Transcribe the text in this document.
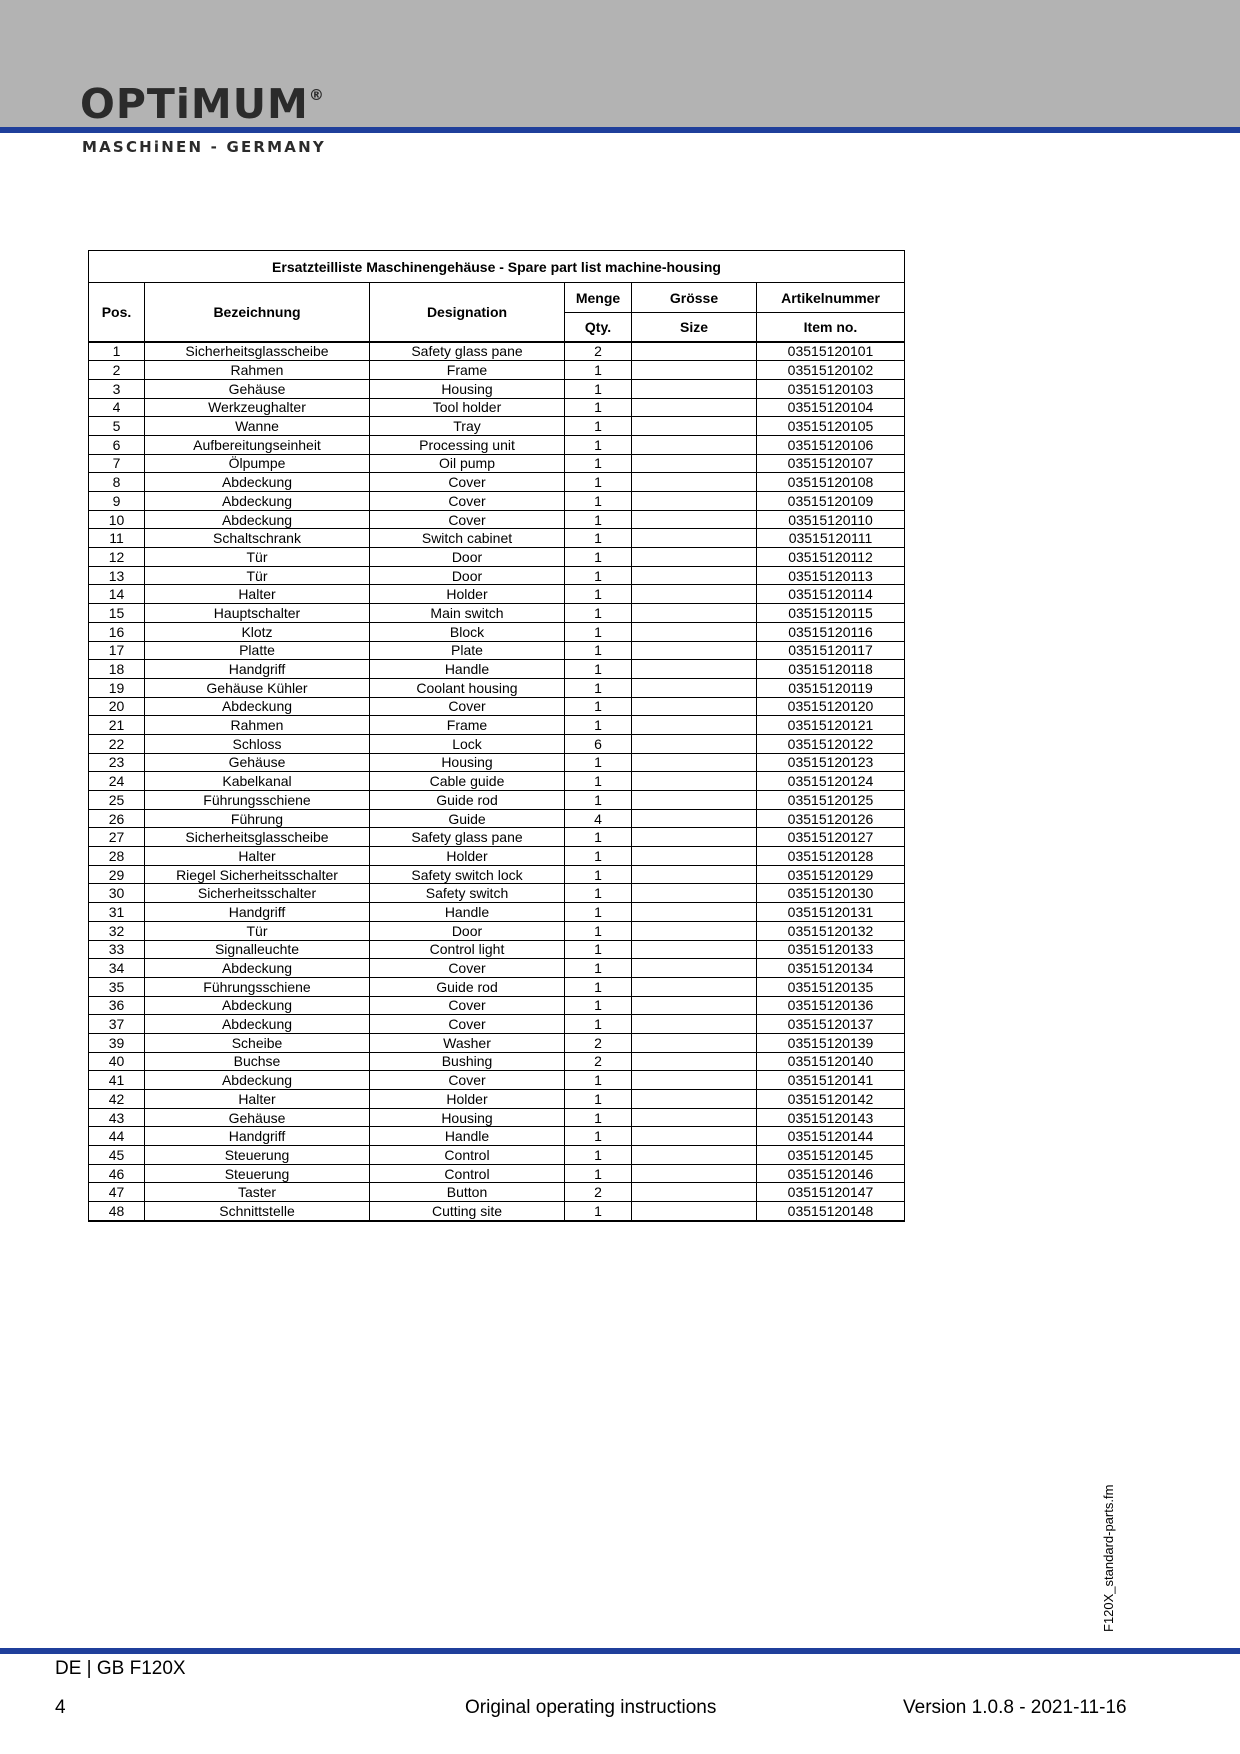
OPTiMUM®
MASCHiNEN - GERMANY
Ersatzteilliste Maschinengehäuse - Spare part list machine-housing					
Pos.	Bezeichnung	Designation	Menge	Grösse	Artikelnummer
			Qty.	Size	Item no.
1	Sicherheitsglasscheibe	Safety glass pane	2		03515120101
2	Rahmen	Frame	1		03515120102
3	Gehäuse	Housing	1		03515120103
4	Werkzeughalter	Tool holder	1		03515120104
5	Wanne	Tray	1		03515120105
6	Aufbereitungseinheit	Processing unit	1		03515120106
7	Ölpumpe	Oil pump	1		03515120107
8	Abdeckung	Cover	1		03515120108
9	Abdeckung	Cover	1		03515120109
10	Abdeckung	Cover	1		03515120110
11	Schaltschrank	Switch cabinet	1		03515120111
12	Tür	Door	1		03515120112
13	Tür	Door	1		03515120113
14	Halter	Holder	1		03515120114
15	Hauptschalter	Main switch	1		03515120115
16	Klotz	Block	1		03515120116
17	Platte	Plate	1		03515120117
18	Handgriff	Handle	1		03515120118
19	Gehäuse Kühler	Coolant housing	1		03515120119
20	Abdeckung	Cover	1		03515120120
21	Rahmen	Frame	1		03515120121
22	Schloss	Lock	6		03515120122
23	Gehäuse	Housing	1		03515120123
24	Kabelkanal	Cable guide	1		03515120124
25	Führungsschiene	Guide rod	1		03515120125
26	Führung	Guide	4		03515120126
27	Sicherheitsglasscheibe	Safety glass pane	1		03515120127
28	Halter	Holder	1		03515120128
29	Riegel Sicherheitsschalter	Safety switch lock	1		03515120129
30	Sicherheitsschalter	Safety switch	1		03515120130
31	Handgriff	Handle	1		03515120131
32	Tür	Door	1		03515120132
33	Signalleuchte	Control light	1		03515120133
34	Abdeckung	Cover	1		03515120134
35	Führungsschiene	Guide rod	1		03515120135
36	Abdeckung	Cover	1		03515120136
37	Abdeckung	Cover	1		03515120137
39	Scheibe	Washer	2		03515120139
40	Buchse	Bushing	2		03515120140
41	Abdeckung	Cover	1		03515120141
42	Halter	Holder	1		03515120142
43	Gehäuse	Housing	1		03515120143
44	Handgriff	Handle	1		03515120144
45	Steuerung	Control	1		03515120145
46	Steuerung	Control	1		03515120146
47	Taster	Button	2		03515120147
48	Schnittstelle	Cutting site	1		03515120148
F120X_standard-parts.fm
DE | GB F120X
4	Original operating instructions	Version 1.0.8 - 2021-11-16
